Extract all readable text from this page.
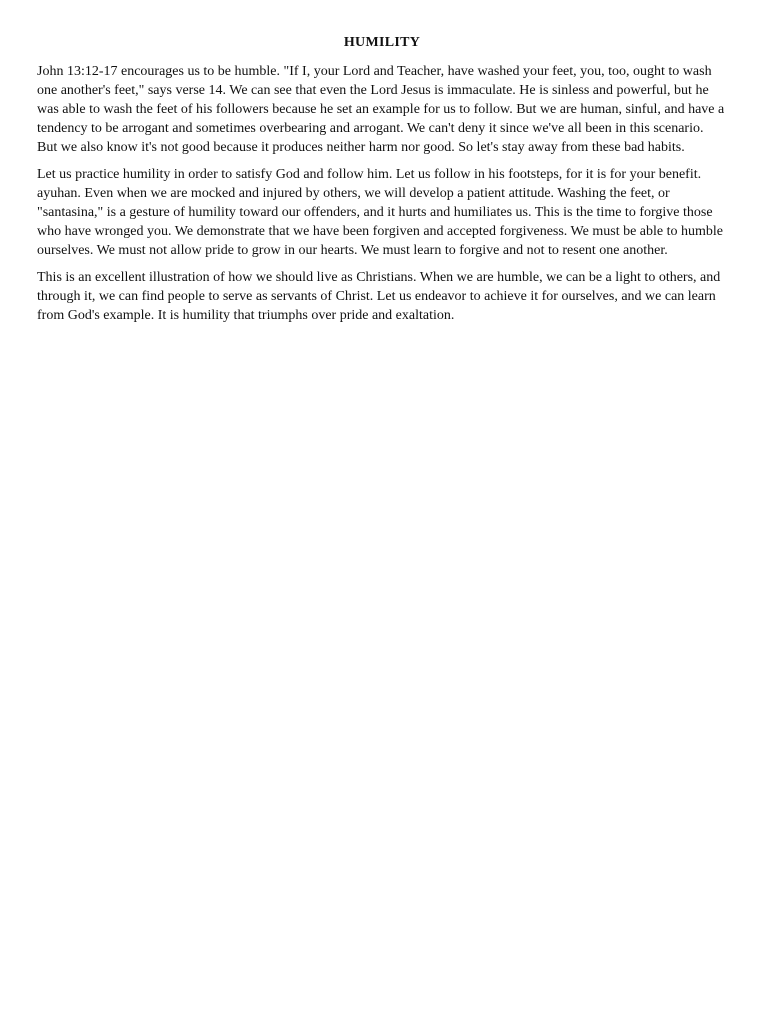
HUMILITY

John 13:12-17 encourages us to be humble. "If I, your Lord and Teacher, have washed your feet, you, too, ought to wash one another's feet," says verse 14. We can see that even the Lord Jesus is immaculate. He is sinless and powerful, but he was able to wash the feet of his followers because he set an example for us to follow. But we are human, sinful, and have a tendency to be arrogant and sometimes overbearing and arrogant. We can't deny it since we've all been in this scenario. But we also know it's not good because it produces neither harm nor good. So let's stay away from these bad habits.

Let us practice humility in order to satisfy God and follow him. Let us follow in his footsteps, for it is for your benefit. ayuhan. Even when we are mocked and injured by others, we will develop a patient attitude. Washing the feet, or "santasina," is a gesture of humility toward our offenders, and it hurts and humiliates us. This is the time to forgive those who have wronged you. We demonstrate that we have been forgiven and accepted forgiveness. We must be able to humble ourselves. We must not allow pride to grow in our hearts. We must learn to forgive and not to resent one another.

This is an excellent illustration of how we should live as Christians. When we are humble, we can be a light to others, and through it, we can find people to serve as servants of Christ. Let us endeavor to achieve it for ourselves, and we can learn from God's example. It is humility that triumphs over pride and exaltation.
